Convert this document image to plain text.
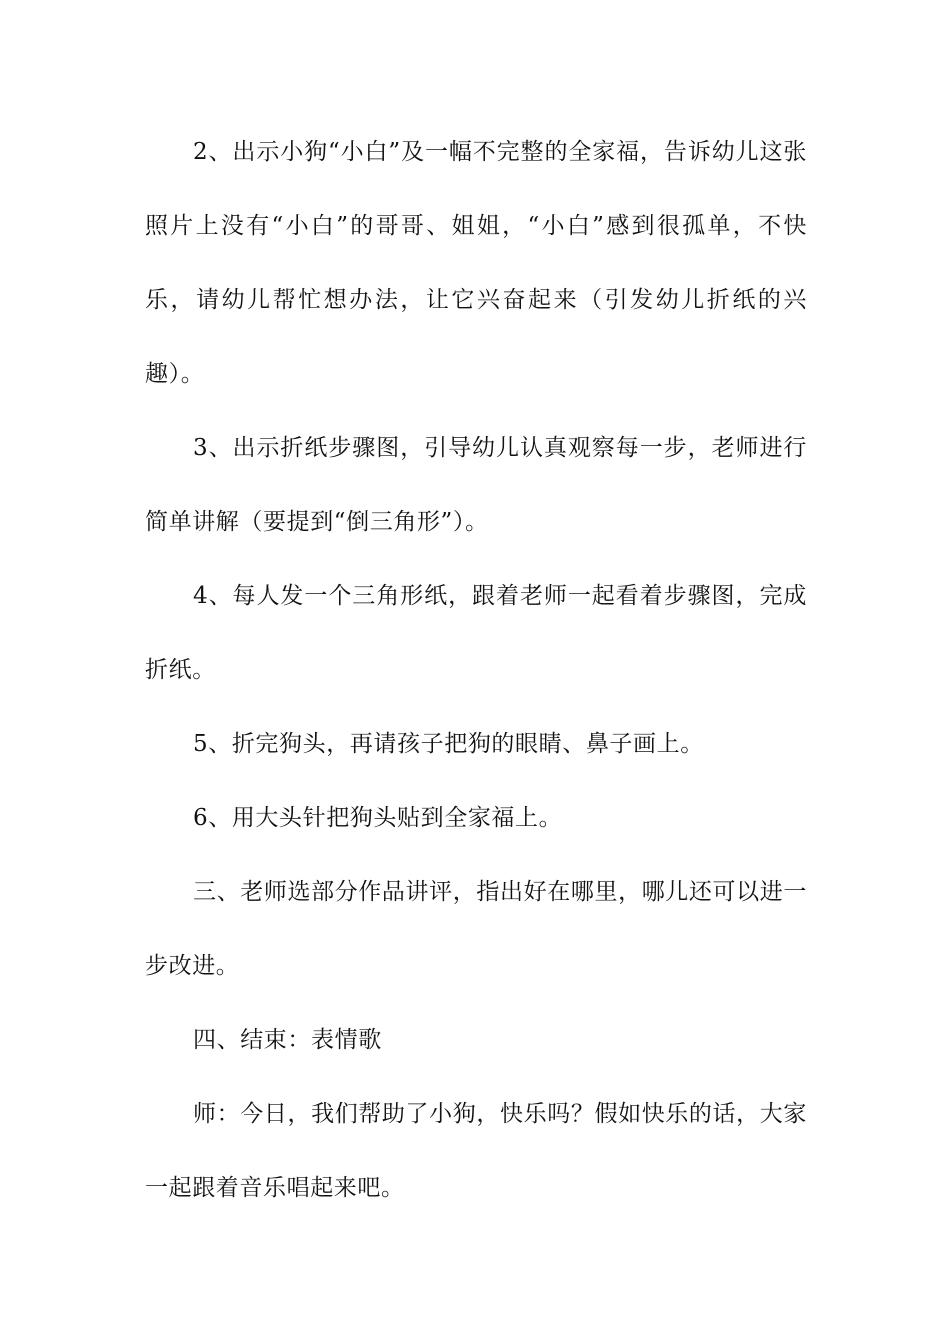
2、出示小狗“小白”及一幅不完整的全家福，告诉幼儿这张照片上没有“小白”的哥哥、姐姐，“小白”感到很孤单，不快乐，请幼儿帮忙想办法，让它兴奋起来（引发幼儿折纸的兴趣）。

3、出示折纸步骤图，引导幼儿认真观察每一步，老师进行简单讲解（要提到“倒三角形”）。

4、每人发一个三角形纸，跟着老师一起看着步骤图，完成折纸。

5、折完狗头，再请孩子把狗的眼睛、鼻子画上。

6、用大头针把狗头贴到全家福上。

三、老师选部分作品讲评，指出好在哪里，哪儿还可以进一步改进。

四、结束：表情歌

师：今日，我们帮助了小狗，快乐吗？假如快乐的话，大家一起跟着音乐唱起来吧。
